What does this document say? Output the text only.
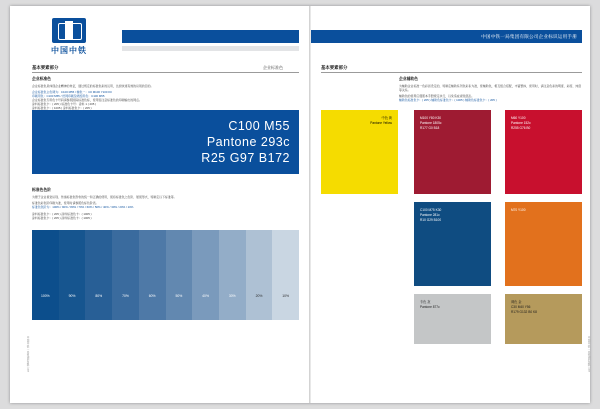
中国中铁
基本要素部分	企业标准色
企业标准色
企业标准色是体现企业精神的象征，通过规定的标准色彩的运用，达到快速有效的识别的目的。
企业标准色主色调为：C100 M55 / 辅色一：C0 M100 Y100 K0
印刷用色：C100 M55 / 丝网印刷及喷绘用色：C100 M55
企业标准色专用色卡号码请参照国际标准色标，使用需注意标准色的印刷输出的网点。
涂料标准色卡：( 205 ) 标准色卡号：涂料 1 ( 205 )
涂料标准色卡：( 1005 ) 涂料标准色卡：( 205 )
C100 M55
Pantone 293c
R25 G97 B172
标准色色阶
为便于企业视觉识别、传递标准色形象的统一和正确的使用，现将标准色之色阶、展现形式、特制定以下标准等。
标准色彩色阶印刷为准，使用时请参照色标色阶表。
标准色色阶为：100% / 90% / 80% / 70% / 60% / 50% / 40% / 30% / 20% / 10%
涂料标准色卡：( 205 ) 涂料标准色卡：( 1005 )
涂料标准色卡：( 205 ) 涂料标准色卡：( 1005 )
100%	90%	80%	70%	60%	50%	40%	30%	20%	10%
中国中铁一局集团有限公司
中国中铁一局集团有限公司企业标识运用手册
基本要素部分
企业辅助色
为辅助企业标准一色彩而设定的，特制定辅助系列色彩系为准，使辅助色，相互组合搭配，丰富整体，使用时，请注意色彩的明度、彩度、纯度等关系。
辅助色的使用应遵照本手册规定执行，以免造成视觉混乱。
辅助色标准色卡：( 205 ) 辅助色标准色卡：( 1005 ) 辅助色标准色卡：( 205 )
中色 黄
Pantone Yellow
M100 Y80 K30
Pantone 1805c
R177 G0 B18
M60 Y100
Pantone 152c
R255 G76 B0
C100 M75 K30
Pantone 281c
R10 G29 B100
M70 Y100
专色 灰
Pantone 877c
调色 金
C30 M40 Y56
R179 G132 B0 K8
中国中铁一局集团有限公司
